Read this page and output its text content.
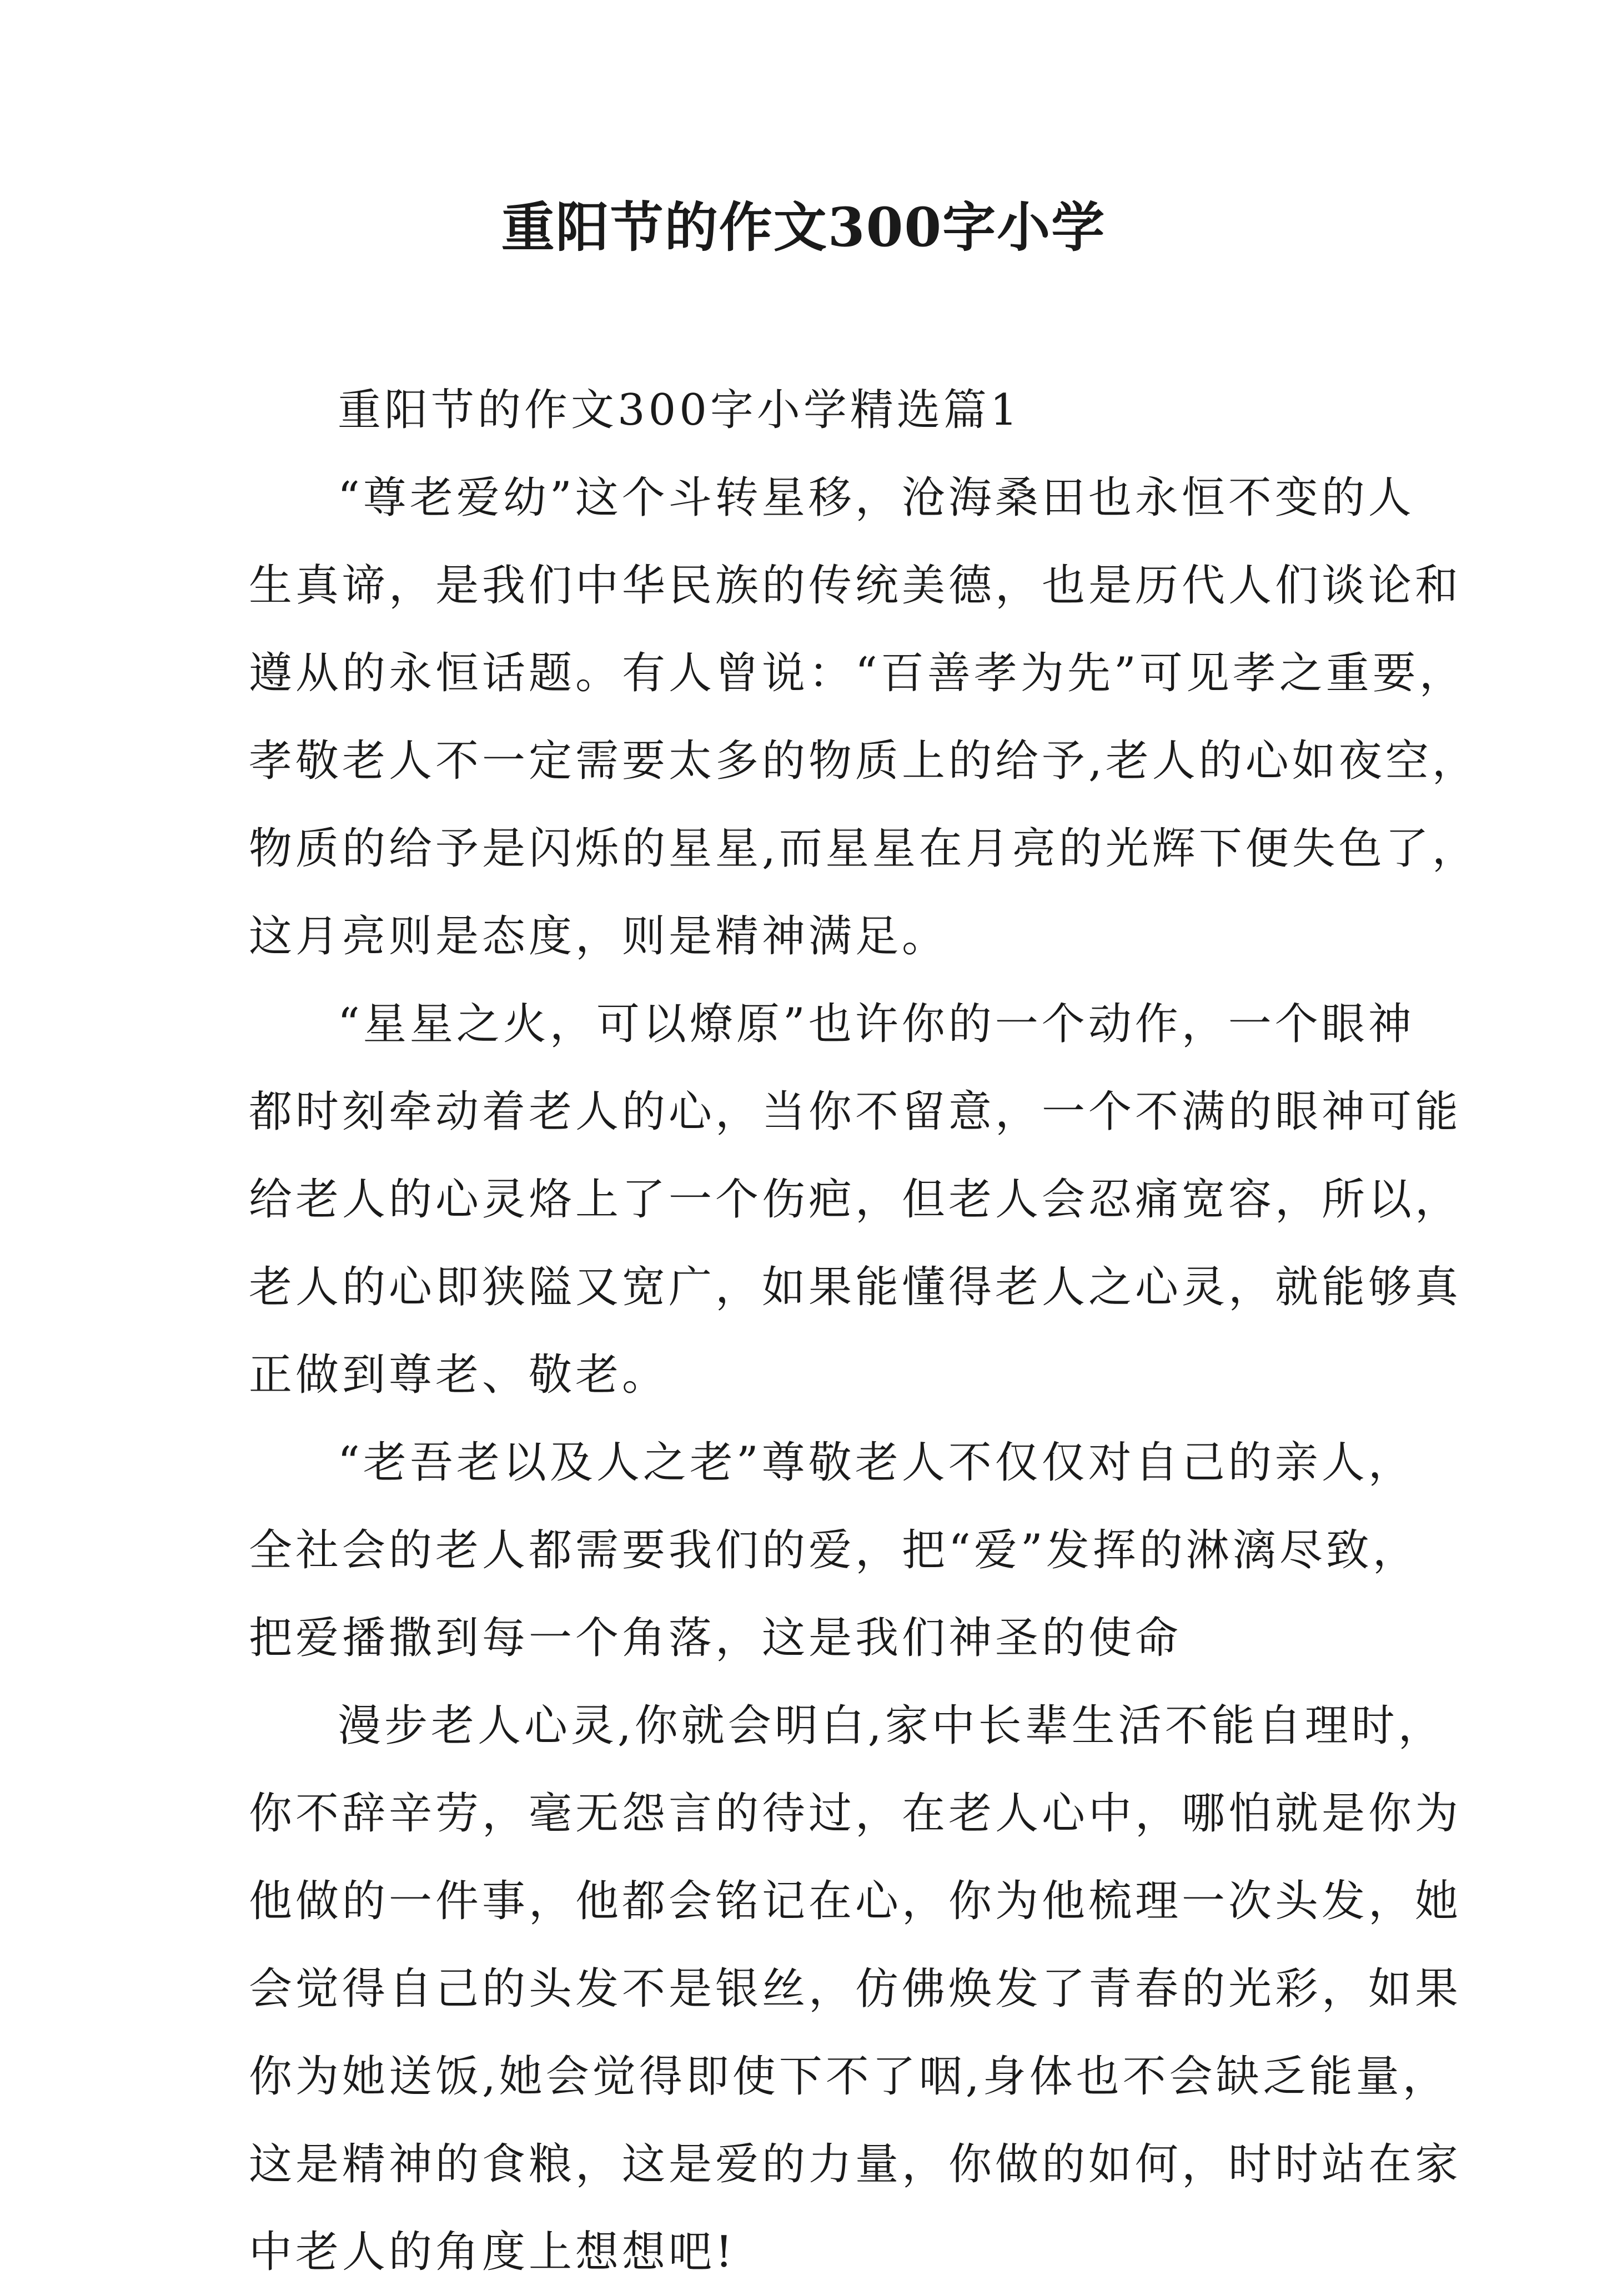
重阳节的作文300字小学
重阳节的作文300字小学精选篇1
“尊老爱幼”这个斗转星移，沧海桑田也永恒不变的人
生真谛，是我们中华民族的传统美德，也是历代人们谈论和
遵从的永恒话题。有人曾说：“百善孝为先”可见孝之重要，
孝敬老人不一定需要太多的物质上的给予,老人的心如夜空，
物质的给予是闪烁的星星,而星星在月亮的光辉下便失色了，
这月亮则是态度，则是精神满足。
“星星之火，可以燎原”也许你的一个动作，一个眼神
都时刻牵动着老人的心，当你不留意，一个不满的眼神可能
给老人的心灵烙上了一个伤疤，但老人会忍痛宽容，所以，
老人的心即狭隘又宽广，如果能懂得老人之心灵，就能够真
正做到尊老、敬老。
“老吾老以及人之老”尊敬老人不仅仅对自己的亲人，
全社会的老人都需要我们的爱，把“爱”发挥的淋漓尽致，
把爱播撒到每一个角落，这是我们神圣的使命
漫步老人心灵,你就会明白,家中长辈生活不能自理时，
你不辞辛劳，毫无怨言的待过，在老人心中，哪怕就是你为
他做的一件事，他都会铭记在心，你为他梳理一次头发，她
会觉得自己的头发不是银丝，仿佛焕发了青春的光彩，如果
你为她送饭,她会觉得即使下不了咽,身体也不会缺乏能量，
这是精神的食粮，这是爱的力量，你做的如何，时时站在家
中老人的角度上想想吧!
